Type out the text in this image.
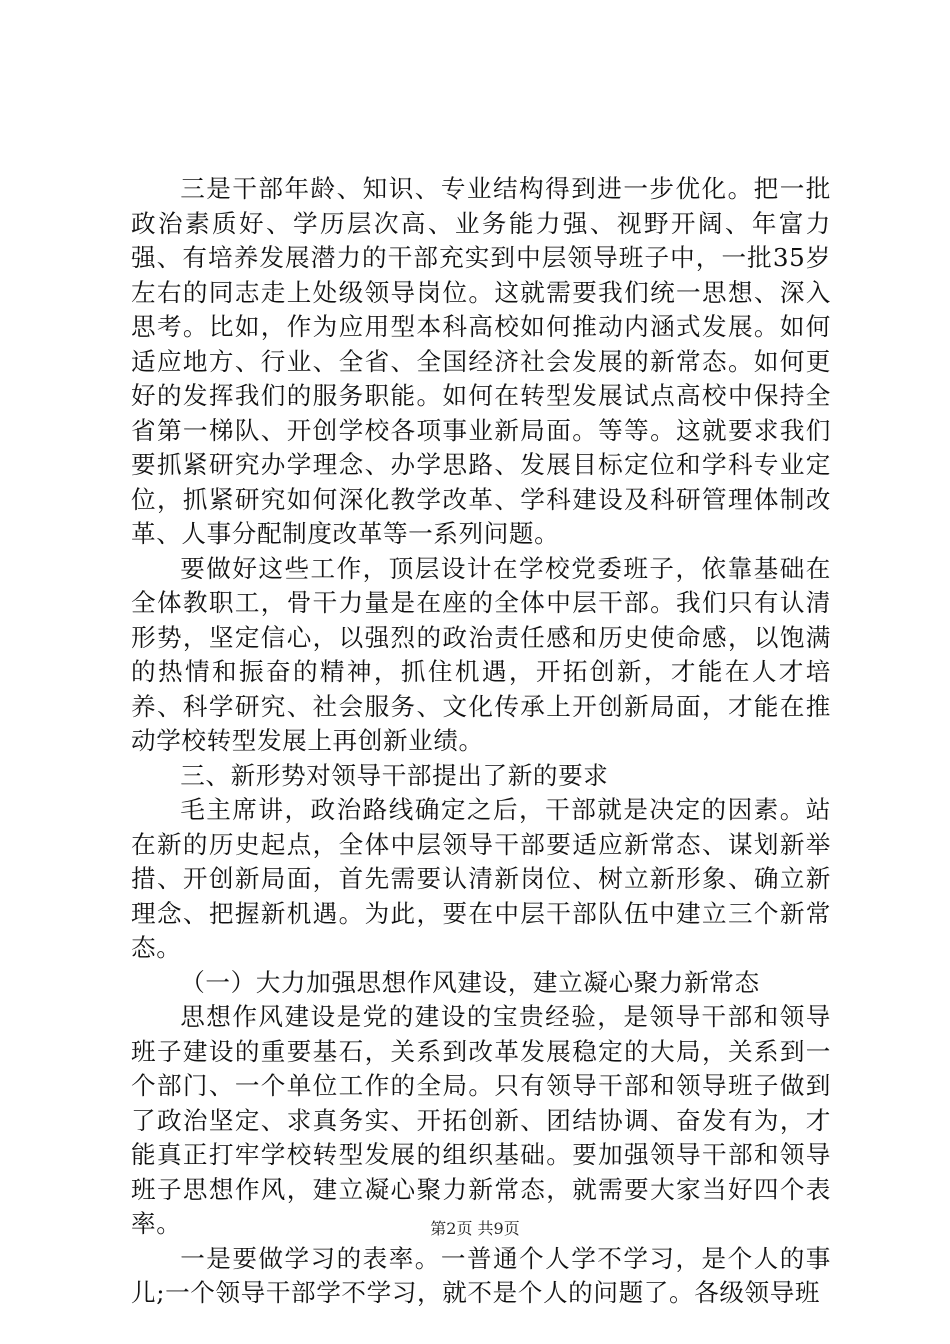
三是干部年龄、知识、专业结构得到进一步优化。把一批政治素质好、学历层次高、业务能力强、视野开阔、年富力强、有培养发展潜力的干部充实到中层领导班子中，一批35岁左右的同志走上处级领导岗位。这就需要我们统一思想、深入思考。比如，作为应用型本科高校如何推动内涵式发展。如何适应地方、行业、全省、全国经济社会发展的新常态。如何更好的发挥我们的服务职能。如何在转型发展试点高校中保持全省第一梯队、开创学校各项事业新局面。等等。这就要求我们要抓紧研究办学理念、办学思路、发展目标定位和学科专业定位，抓紧研究如何深化教学改革、学科建设及科研管理体制改革、人事分配制度改革等一系列问题。

要做好这些工作，顶层设计在学校党委班子，依靠基础在全体教职工，骨干力量是在座的全体中层干部。我们只有认清形势，坚定信心，以强烈的政治责任感和历史使命感，以饱满的热情和振奋的精神，抓住机遇，开拓创新，才能在人才培养、科学研究、社会服务、文化传承上开创新局面，才能在推动学校转型发展上再创新业绩。

三、新形势对领导干部提出了新的要求

毛主席讲，政治路线确定之后，干部就是决定的因素。站在新的历史起点，全体中层领导干部要适应新常态、谋划新举措、开创新局面，首先需要认清新岗位、树立新形象、确立新理念、把握新机遇。为此，要在中层干部队伍中建立三个新常态。

（一）大力加强思想作风建设，建立凝心聚力新常态

思想作风建设是党的建设的宝贵经验，是领导干部和领导班子建设的重要基石，关系到改革发展稳定的大局，关系到一个部门、一个单位工作的全局。只有领导干部和领导班子做到了政治坚定、求真务实、开拓创新、团结协调、奋发有为，才能真正打牢学校转型发展的组织基础。要加强领导干部和领导班子思想作风，建立凝心聚力新常态，就需要大家当好四个表率。

一是要做学习的表率。一普通个人学不学习，是个人的事儿;一个领导干部学不学习，就不是个人的问题了。各级领导班

第2页 共9页
